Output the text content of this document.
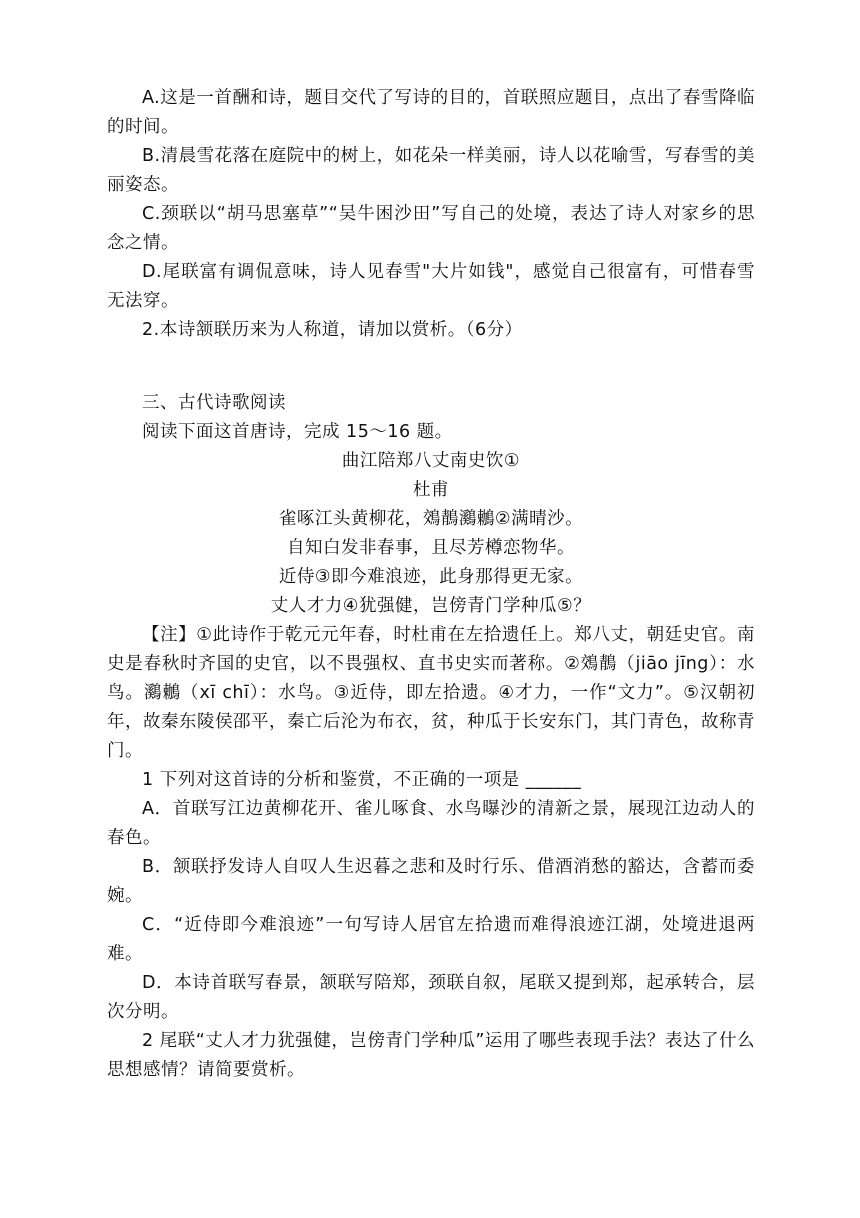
A.这是一首酬和诗，题目交代了写诗的目的，首联照应题目，点出了春雪降临的时间。

B.清晨雪花落在庭院中的树上，如花朵一样美丽，诗人以花喻雪，写春雪的美丽姿态。

C.颈联以“胡马思塞草”“吴牛困沙田”写自己的处境，表达了诗人对家乡的思念之情。

D.尾联富有调侃意味，诗人见春雪"大片如钱"，感觉自己很富有，可惜春雪无法穿。

2.本诗颔联历来为人称道，请加以赏析。（6分）

三、古代诗歌阅读

阅读下面这首唐诗，完成 15～16 题。

曲江陪郑八丈南史饮①

杜甫

雀啄江头黄柳花，鵁鶄鸂鶒②满晴沙。

自知白发非春事，且尽芳樽恋物华。

近侍③即今难浪迹，此身那得更无家。

丈人才力④犹强健，岂傍青门学种瓜⑤？

【注】①此诗作于乾元元年春，时杜甫在左拾遗任上。郑八丈，朝廷史官。南史是春秋时齐国的史官，以不畏强权、直书史实而著称。②鵁鶄（jiāo jīng）：水鸟。鸂鶒（xī chī）：水鸟。③近侍，即左拾遗。④才力，一作“文力”。⑤汉朝初年，故秦东陵侯邵平，秦亡后沦为布衣，贫，种瓜于长安东门，其门青色，故称青门。

1 下列对这首诗的分析和鉴赏，不正确的一项是 ______

A．首联写江边黄柳花开、雀儿啄食、水鸟曝沙的清新之景，展现江边动人的春色。

B．颔联抒发诗人自叹人生迟暮之悲和及时行乐、借酒消愁的豁达，含蓄而委婉。

C．“近侍即今难浪迹”一句写诗人居官左拾遗而难得浪迹江湖，处境进退两难。

D．本诗首联写春景，颔联写陪郑，颈联自叙，尾联又提到郑，起承转合，层次分明。

2 尾联“丈人才力犹强健，岂傍青门学种瓜”运用了哪些表现手法？表达了什么思想感情？请简要赏析。
